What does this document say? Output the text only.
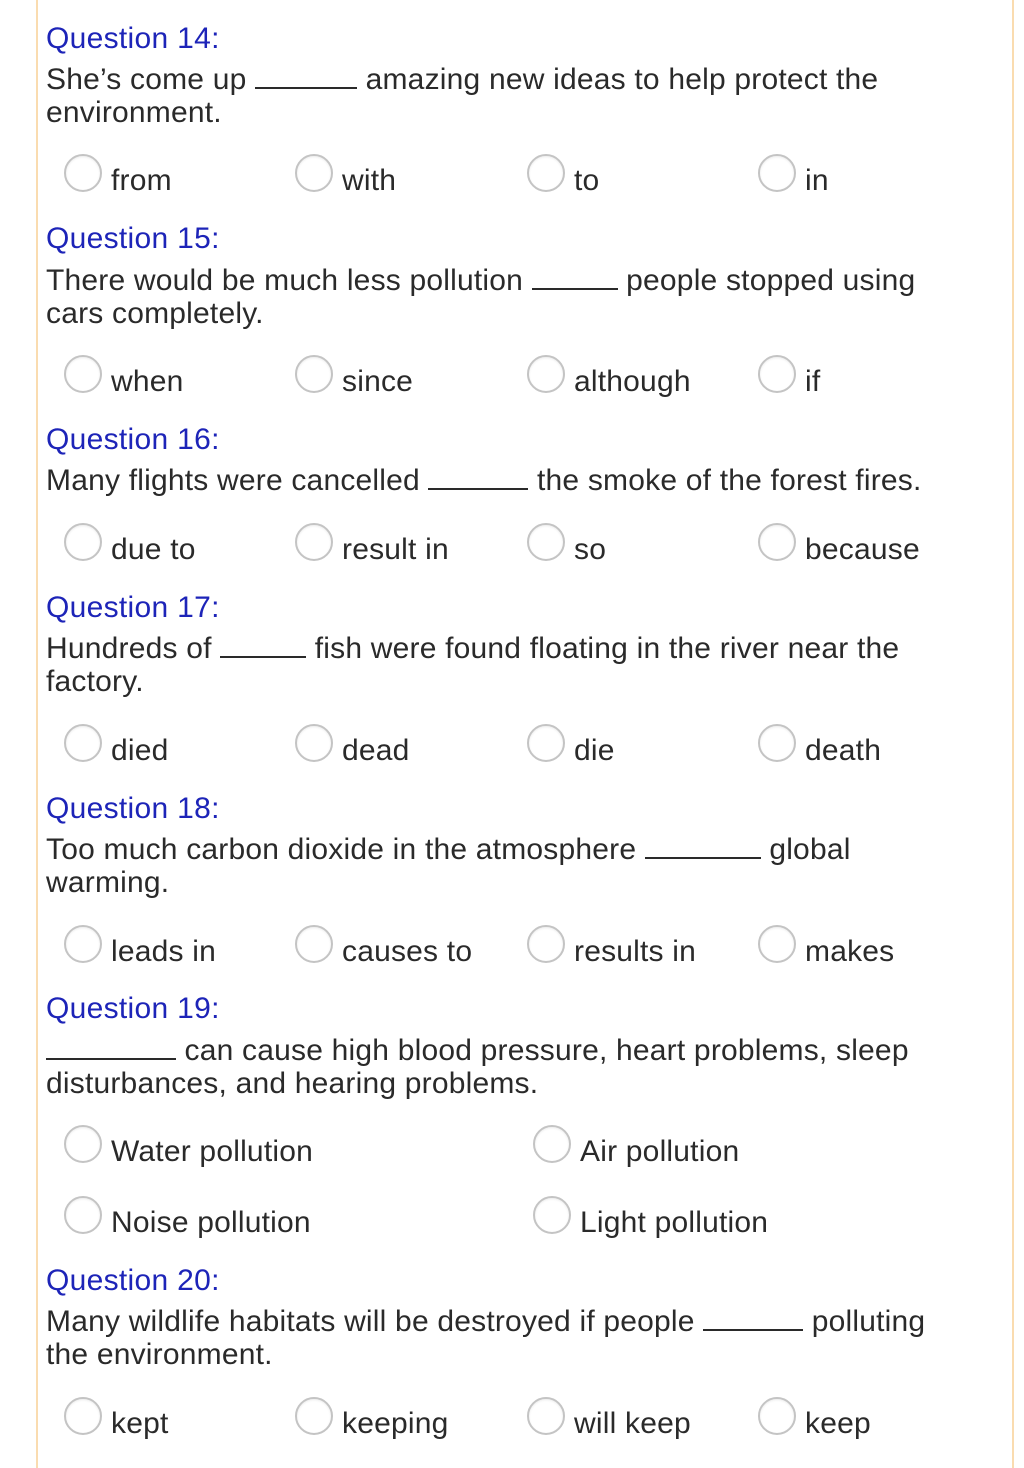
Question 14:
She’s come up	amazing new ideas to help protect the
environment.
from	with	to	in
Question 15:
There would be much less pollution	people stopped using
cars completely.
when	since	although	if
Question 16:
Many flights were cancelled	the smoke of the forest fires.
due to	result in	so	because
Question 17:
Hundreds of	fish were found floating in the river near the
factory.
died	dead	die	death
Question 18:
Too much carbon dioxide in the atmosphere	global
warming.
leads in	causes to	results in	makes
Question 19:
can cause high blood pressure, heart problems, sleep
disturbances, and hearing problems.
Water pollution	Air pollution
Noise pollution	Light pollution
Question 20:
Many wildlife habitats will be destroyed if people	polluting
the environment.
kept	keeping	will keep	keep
